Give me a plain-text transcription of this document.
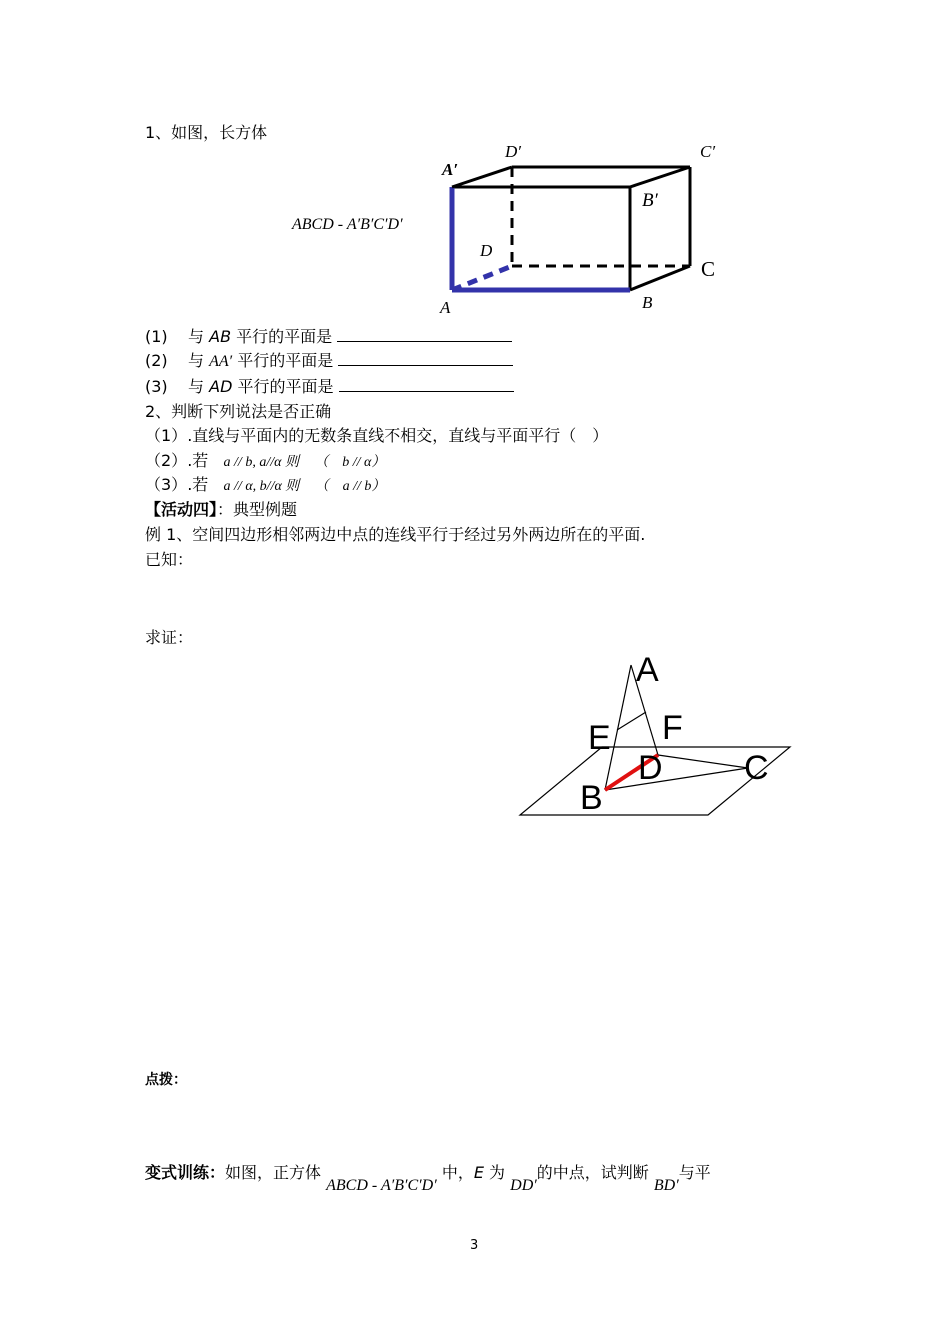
1、如图，长方体
D′	C′
A′
B′
D
C
A	B
ABCD - A′B′C′D′
(1) 与 AB 平行的平面是
(2) 与 AA′ 平行的平面是
(3) 与 AD 平行的平面是
2、判断下列说法是否正确
（1）.直线与平面内的无数条直线不相交，直线与平面平行（　）
（2）.若 a // b, a//α 则 （　b // α）
（3）.若 a // α, b//α 则 （　a // b）
【活动四】：典型例题
例 1、空间四边形相邻两边中点的连线平行于经过另外两边所在的平面.
已知：
求证：
A
F
E
D C
B
点拨：
变式训练：如图，正方体 ABCD - A′B′C′D′ 中，E 为 DD′的中点，试判断 BD′与平
3
